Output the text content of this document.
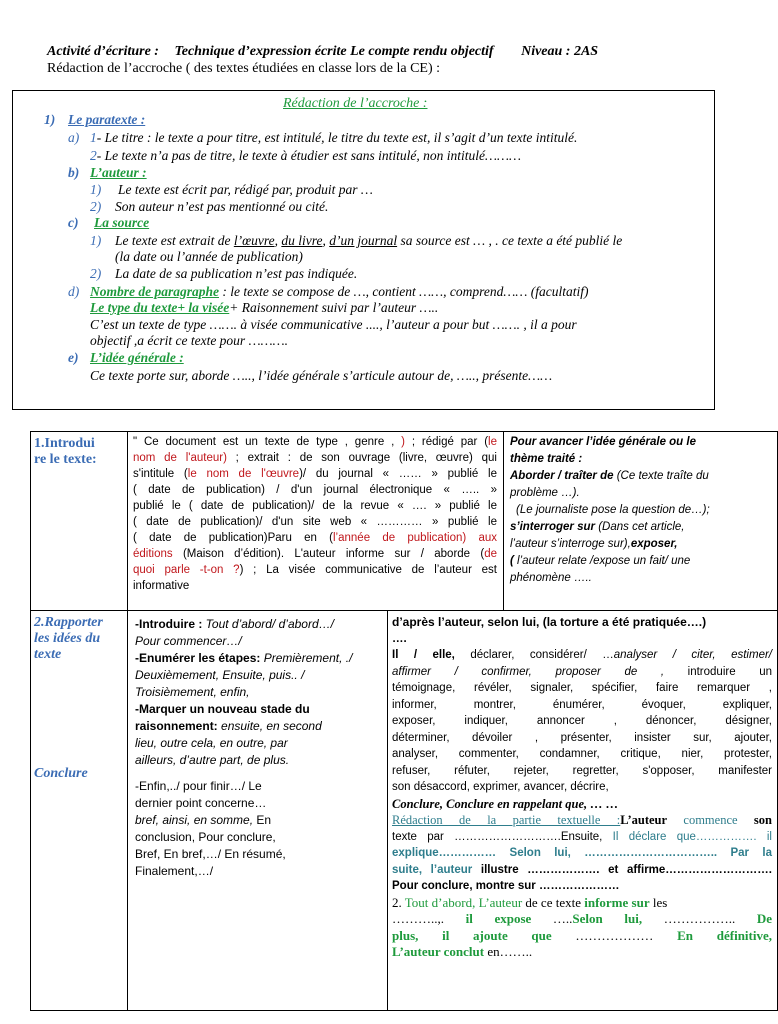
Activité d’écriture : Technique d’expression écrite Le compte rendu objectif Niveau : 2AS
Rédaction de l’accroche ( des textes étudiées en classe lors de la CE) :
Rédaction de l’accroche :
1) Le paratexte :
a) 1- Le titre : le texte a pour titre, est intitulé, le titre du texte est, il s’agit d’un texte intitulé.
2- Le texte n’a pas de titre, le texte à étudier est sans intitulé, non intitulé………
b) L’auteur :
1) Le texte est écrit par, rédigé par, produit par …
2) Son auteur n’est pas mentionné ou cité.
c) La source
1) Le texte est extrait de l’œuvre, du livre, d’un journal sa source est … , . ce texte a été publié le
(la date ou l’année de publication)
2) La date de sa publication n’est pas indiquée.
d) Nombre de paragraphe : le texte se compose de …, contient ……, comprend…… (facultatif)
Le type du texte+ la visée+ Raisonnement suivi par l’auteur …..
C’est un texte de type ……. à visée communicative ...., l’auteur a pour but ……. , il a pour
objectif ,a écrit ce texte pour ……….
e) L’idée générale :
Ce texte porte sur, aborde ….., l’idée générale s’articule autour de, ….., présente……
1.Introdui
re le texte:
" Ce document est un texte de type , genre , ) ; rédigé par (le
nom de l'auteur) ; extrait : de son ouvrage (livre, œuvre) qui
s'intitule (le nom de l'œuvre)/ du journal « …… » publié le
( date de publication) / d'un journal électronique « ….. »
publié le ( date de publication)/ de la revue « …. » publié le
( date de publication)/ d'un site web « ………… » publié le
( date de publication)Paru en (l’année de publication) aux
éditions (Maison d’édition). L'auteur informe sur / aborde (de
quoi parle -t-on ?) ; La visée communicative de l’auteur est
informative
Pour avancer l’idée générale ou le
thème traité :
Aborder / traîter de (Ce texte traîte du
problème …).
(Le journaliste pose la question de…);
s’interroger sur (Dans cet article,
l’auteur s’interroge sur),exposer,
( l’auteur relate /expose un fait/ une
phénomène …..
2.Rapporter
les idées du
texte
Conclure
-Introduire : Tout d’abord/ d’abord…/
Pour commencer…/
-Enumérer les étapes: Premièrement, ./
Deuxièmement, Ensuite, puis.. /
Troisièmement, enfin,
-Marquer un nouveau stade du
raisonnement: ensuite, en second
lieu, outre cela, en outre, par
ailleurs, d’autre part, de plus.
-Enfin,../ pour finir…/ Le
dernier point concerne…
bref, ainsi, en somme, En
conclusion, Pour conclure,
Bref, En bref,…/ En résumé,
Finalement,…/
d’après l’auteur, selon lui, (la torture a été pratiquée….)
….
Il / elle, déclarer, considérer/ …analyser / citer, estimer/
affirmer / confirmer, proposer de , introduire un
témoignage, révéler, signaler, spécifier, faire remarquer ,
informer, montrer, énumérer, évoquer, expliquer,
exposer, indiquer, annoncer , dénoncer, désigner,
déterminer, dévoiler , présenter, insister sur, ajouter,
analyser, commenter, condamner, critique, nier, protester,
refuser, réfuter, rejeter, regretter, s'opposer, manifester
son désaccord, exprimer, avancer, décrire,
Conclure, Conclure en rappelant que, … …
Rédaction de la partie textuelle :L’auteur commence son
texte par ……………………….Ensuite, Il déclare que……………. il
explique…………… Selon lui, …………………………….. Par la
suite, l’auteur illustre ………………. et affirme……………………….
Pour conclure, montre sur …………………
2. Tout d’abord, L’auteur de ce texte informe sur les
………..,. il expose …..Selon lui, …………….. De
plus, il ajoute que ……………… En définitive,
L’auteur conclut en……..
